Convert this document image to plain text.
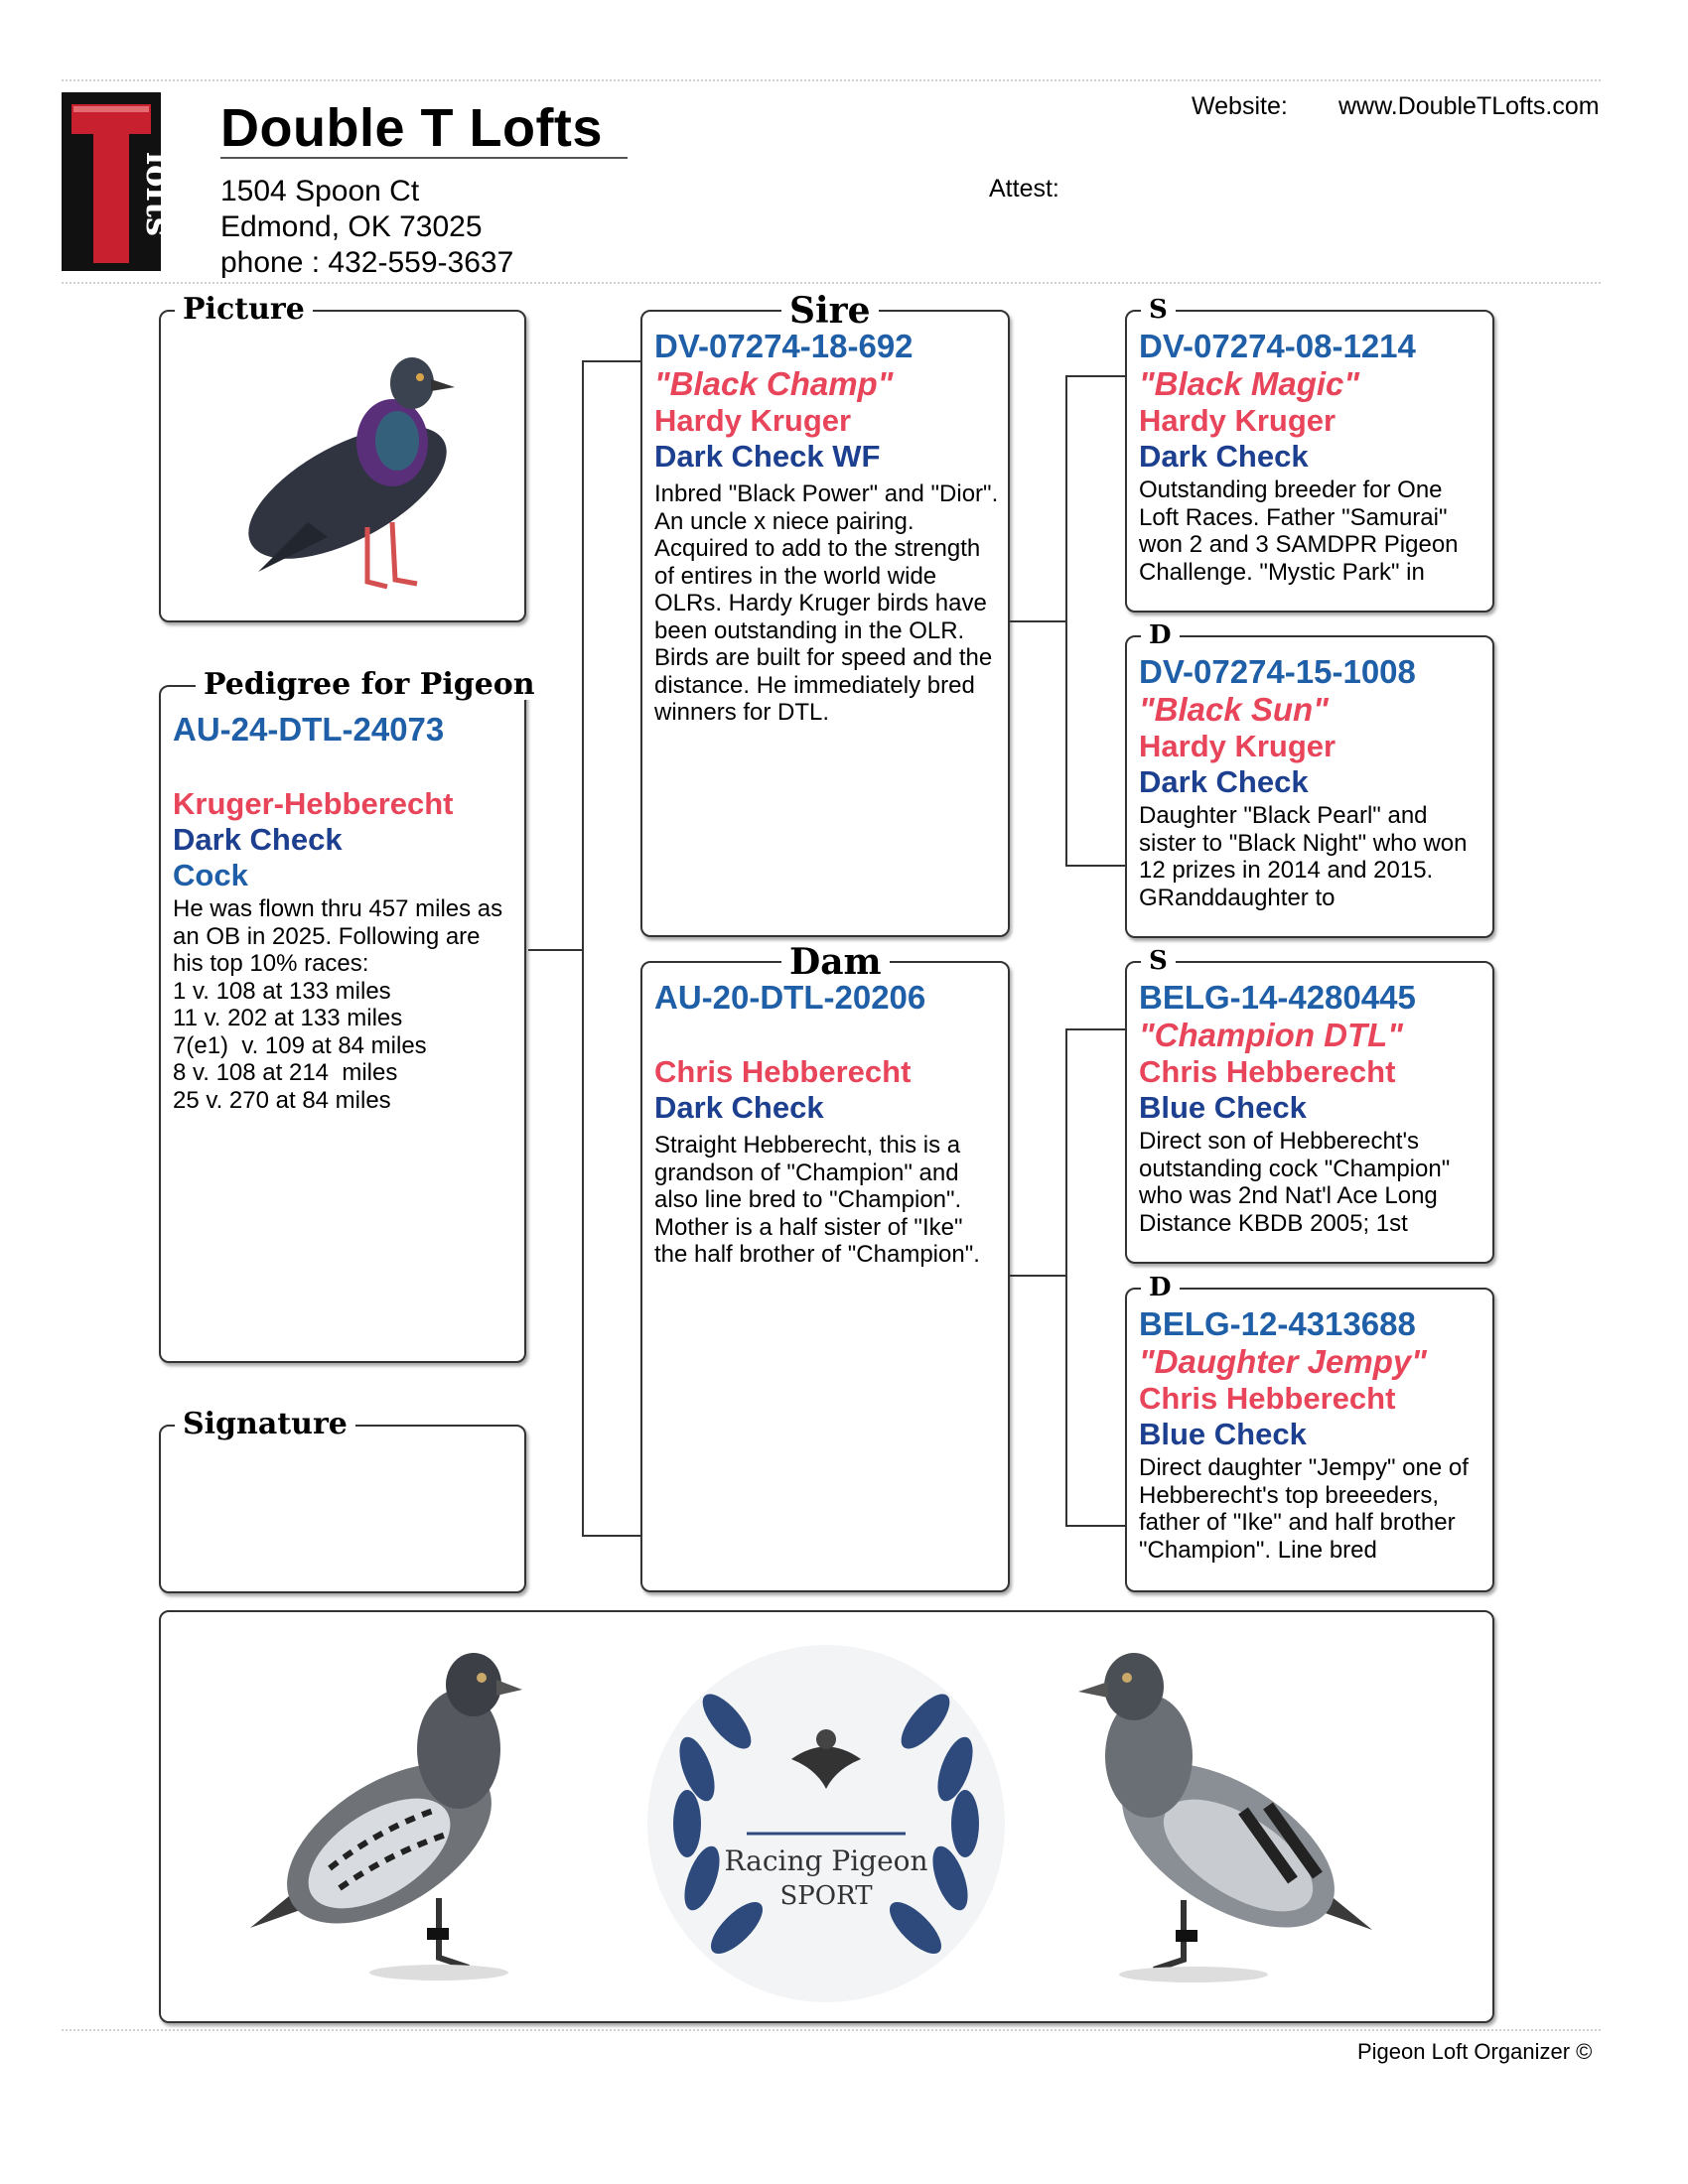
lofts
Double T Lofts
1504 Spoon Ct
Edmond, OK 73025
phone : 432-559-3637
Website: www.DoubleTLofts.com
Attest:
Picture
Pedigree for Pigeon
AU-24-DTL-24073
Kruger-Hebberecht
Dark Check
Cock
He was flown thru 457 miles as an OB in 2025. Following are his top 10% races:
1 v. 108 at 133 miles
11 v. 202 at 133 miles
7(e1)  v. 109 at 84 miles
8 v. 108 at 214  miles
25 v. 270 at 84 miles
Signature
Sire
DV-07274-18-692
"Black Champ"
Hardy Kruger
Dark Check WF
Inbred "Black Power" and "Dior". An uncle x niece pairing. Acquired to add to the strength of entires in the world wide OLRs. Hardy Kruger birds have been outstanding in the OLR. Birds are built for speed and the distance. He immediately bred winners for DTL.
Dam
AU-20-DTL-20206
Chris Hebberecht
Dark Check
Straight Hebberecht, this is a grandson of "Champion" and also line bred to "Champion". Mother is a half sister of "Ike" the half brother of "Champion".
S
DV-07274-08-1214
"Black Magic"
Hardy Kruger
Dark Check
Outstanding breeder for One Loft Races. Father "Samurai" won 2 and 3 SAMDPR Pigeon Challenge. "Mystic Park" in
D
DV-07274-15-1008
"Black Sun"
Hardy Kruger
Dark Check
Daughter "Black Pearl" and sister to "Black Night" who won 12 prizes in 2014 and 2015. GRanddaughter to
S
BELG-14-4280445
"Champion DTL"
Chris Hebberecht
Blue Check
Direct son of Hebberecht's outstanding cock "Champion" who was 2nd Nat'l Ace Long Distance KBDB 2005; 1st
D
BELG-12-4313688
"Daughter Jempy"
Chris Hebberecht
Blue Check
Direct daughter "Jempy" one of Hebberecht's top breeeders, father of "Ike" and half brother "Champion". Line bred
Racing Pigeon
SPORT
Pigeon Loft Organizer ©
